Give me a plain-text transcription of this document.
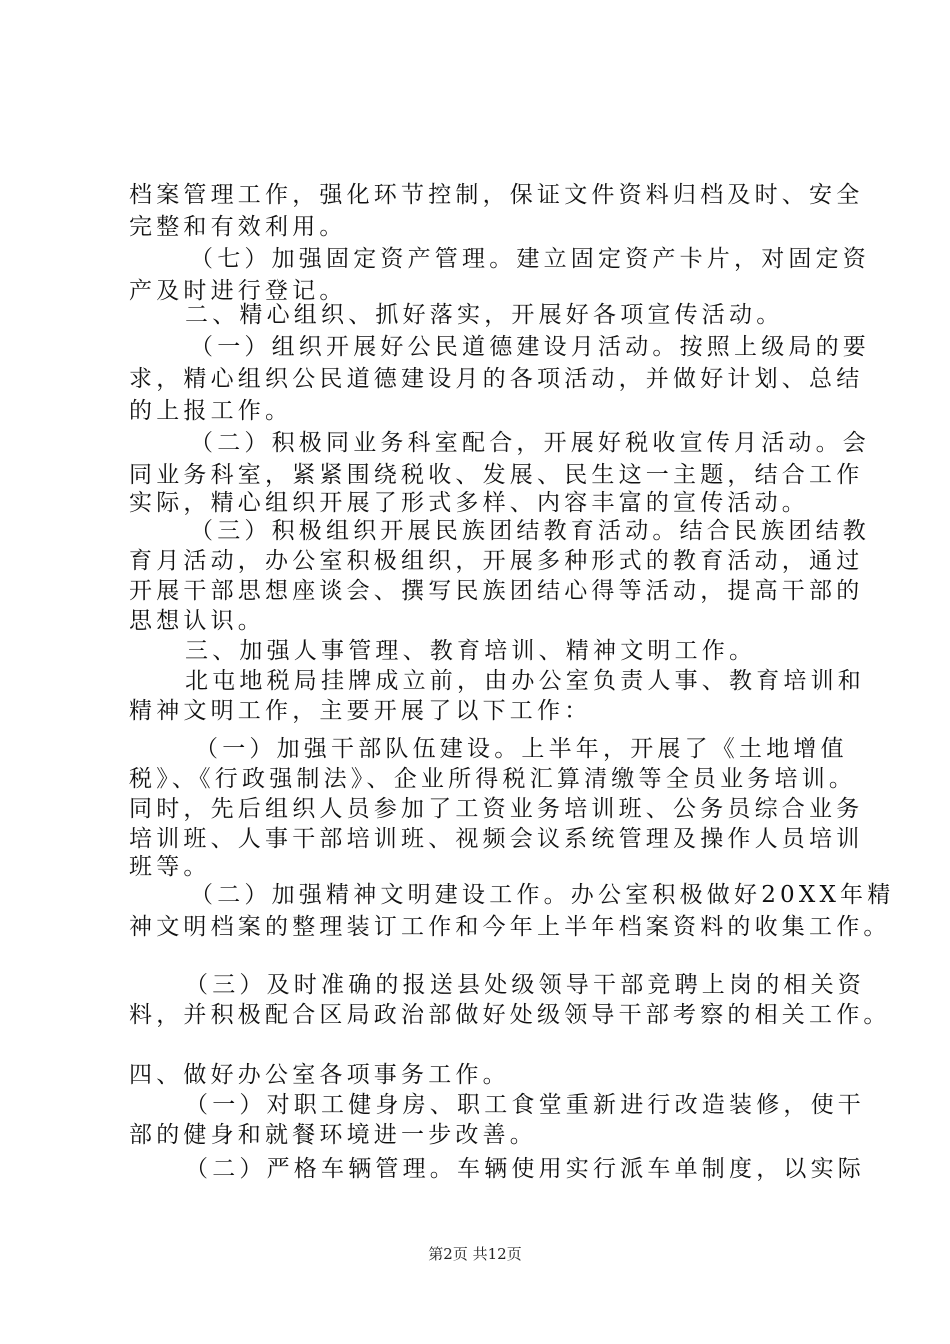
档案管理工作，强化环节控制，保证文件资料归档及时、安全
完整和有效利用。
（七）加强固定资产管理。建立固定资产卡片，对固定资
产及时进行登记。
二、精心组织、抓好落实，开展好各项宣传活动。
（一）组织开展好公民道德建设月活动。按照上级局的要
求，精心组织公民道德建设月的各项活动，并做好计划、总结
的上报工作。
（二）积极同业务科室配合，开展好税收宣传月活动。会
同业务科室，紧紧围绕税收、发展、民生这一主题，结合工作
实际，精心组织开展了形式多样、内容丰富的宣传活动。
（三）积极组织开展民族团结教育活动。结合民族团结教
育月活动，办公室积极组织，开展多种形式的教育活动，通过
开展干部思想座谈会、撰写民族团结心得等活动，提高干部的
思想认识。
三、加强人事管理、教育培训、精神文明工作。
北屯地税局挂牌成立前，由办公室负责人事、教育培训和
精神文明工作，主要开展了以下工作：
（一）加强干部队伍建设。上半年，开展了《土地增值
税》、《行政强制法》、企业所得税汇算清缴等全员业务培训。
同时，先后组织人员参加了工资业务培训班、公务员综合业务
培训班、人事干部培训班、视频会议系统管理及操作人员培训
班等。
（二）加强精神文明建设工作。办公室积极做好20XX年精
神文明档案的整理装订工作和今年上半年档案资料的收集工作。
（三）及时准确的报送县处级领导干部竞聘上岗的相关资
料，并积极配合区局政治部做好处级领导干部考察的相关工作。
四、做好办公室各项事务工作。
（一）对职工健身房、职工食堂重新进行改造装修，使干
部的健身和就餐环境进一步改善。
（二）严格车辆管理。车辆使用实行派车单制度，以实际
第2页 共12页
